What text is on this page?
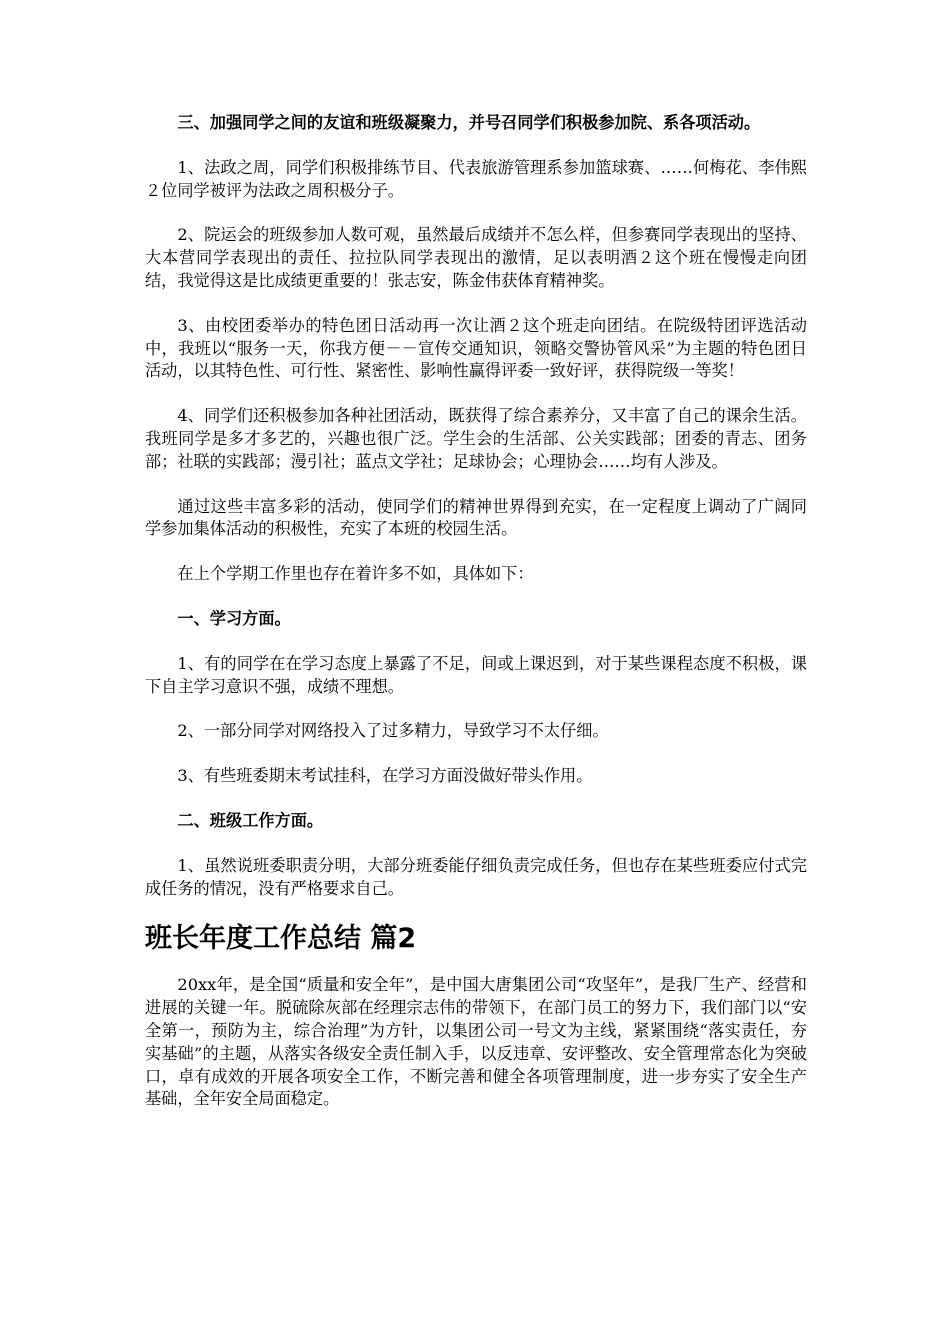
三、加强同学之间的友谊和班级凝聚力，并号召同学们积极参加院、系各项活动。

1、法政之周，同学们积极排练节目、代表旅游管理系参加篮球赛、……何梅花、李伟熙２位同学被评为法政之周积极分子。

2、院运会的班级参加人数可观，虽然最后成绩并不怎么样，但参赛同学表现出的坚持、大本营同学表现出的责任、拉拉队同学表现出的激情，足以表明酒２这个班在慢慢走向团结，我觉得这是比成绩更重要的！张志安，陈金伟获体育精神奖。

3、由校团委举办的特色团日活动再一次让酒２这个班走向团结。在院级特团评选活动中，我班以“服务一天，你我方便－－宣传交通知识，领略交警协管风采”为主题的特色团日活动，以其特色性、可行性、紧密性、影响性赢得评委一致好评，获得院级一等奖！

4、同学们还积极参加各种社团活动，既获得了综合素养分，又丰富了自己的课余生活。我班同学是多才多艺的，兴趣也很广泛。学生会的生活部、公关实践部；团委的青志、团务部；社联的实践部；漫引社；蓝点文学社；足球协会；心理协会……均有人涉及。

通过这些丰富多彩的活动，使同学们的精神世界得到充实，在一定程度上调动了广阔同学参加集体活动的积极性，充实了本班的校园生活。

在上个学期工作里也存在着许多不如，具体如下：

一、学习方面。

1、有的同学在在学习态度上暴露了不足，间或上课迟到，对于某些课程态度不积极，课下自主学习意识不强，成绩不理想。

2、一部分同学对网络投入了过多精力，导致学习不太仔细。

3、有些班委期末考试挂科，在学习方面没做好带头作用。

二、班级工作方面。

1、虽然说班委职责分明，大部分班委能仔细负责完成任务，但也存在某些班委应付式完成任务的情况，没有严格要求自己。

班长年度工作总结 篇2

20xx年，是全国“质量和安全年”，是中国大唐集团公司“攻坚年”，是我厂生产、经营和进展的关键一年。脱硫除灰部在经理宗志伟的带领下，在部门员工的努力下，我们部门以“安全第一，预防为主，综合治理”为方针，以集团公司一号文为主线，紧紧围绕“落实责任，夯实基础”的主题，从落实各级安全责任制入手，以反违章、安评整改、安全管理常态化为突破口，卓有成效的开展各项安全工作，不断完善和健全各项管理制度，进一步夯实了安全生产基础，全年安全局面稳定。
